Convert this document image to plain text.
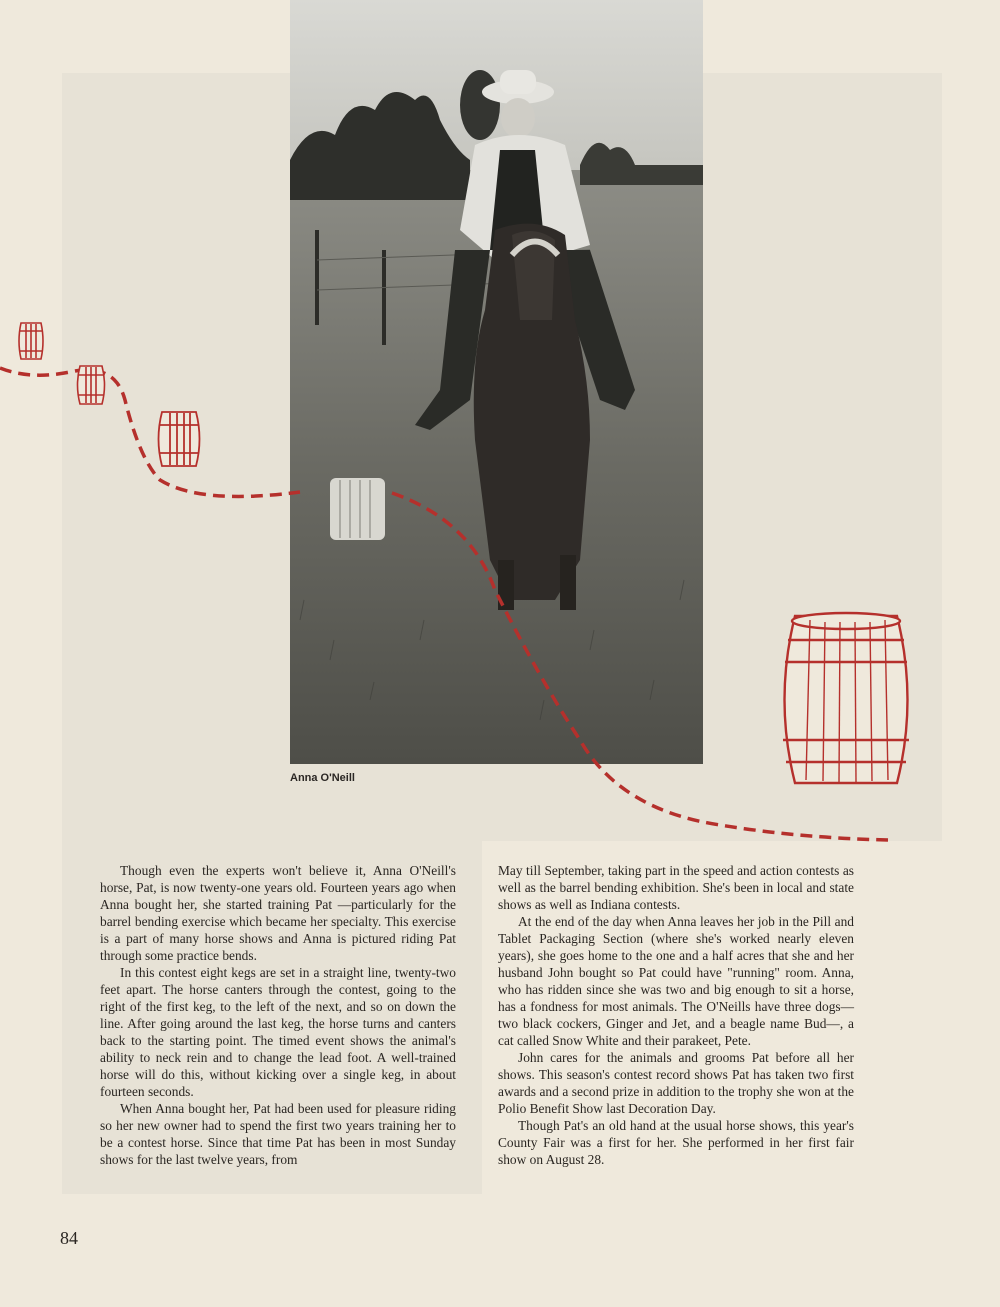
Anna O'Neill

Though even the experts won't believe it, Anna O'Neill's horse, Pat, is now twenty-one years old. Fourteen years ago when Anna bought her, she started training Pat —particularly for the barrel bending exercise which became her specialty. This exercise is a part of many horse shows and Anna is pictured riding Pat through some practice bends.

In this contest eight kegs are set in a straight line, twenty-two feet apart. The horse canters through the contest, going to the right of the first keg, to the left of the next, and so on down the line. After going around the last keg, the horse turns and canters back to the starting point. The timed event shows the animal's ability to neck rein and to change the lead foot. A well-trained horse will do this, without kicking over a single keg, in about fourteen seconds.

When Anna bought her, Pat had been used for pleasure riding so her new owner had to spend the first two years training her to be a contest horse. Since that time Pat has been in most Sunday shows for the last twelve years, from

May till September, taking part in the speed and action contests as well as the barrel bending exhibition. She's been in local and state shows as well as Indiana contests.

At the end of the day when Anna leaves her job in the Pill and Tablet Packaging Section (where she's worked nearly eleven years), she goes home to the one and a half acres that she and her husband John bought so Pat could have "running" room. Anna, who has ridden since she was two and big enough to sit a horse, has a fondness for most animals. The O'Neills have three dogs—two black cockers, Ginger and Jet, and a beagle name Bud—, a cat called Snow White and their parakeet, Pete.

John cares for the animals and grooms Pat before all her shows. This season's contest record shows Pat has taken two first awards and a second prize in addition to the trophy she won at the Polio Benefit Show last Decoration Day.

Though Pat's an old hand at the usual horse shows, this year's County Fair was a first for her. She performed in her first fair show on August 28.

84
